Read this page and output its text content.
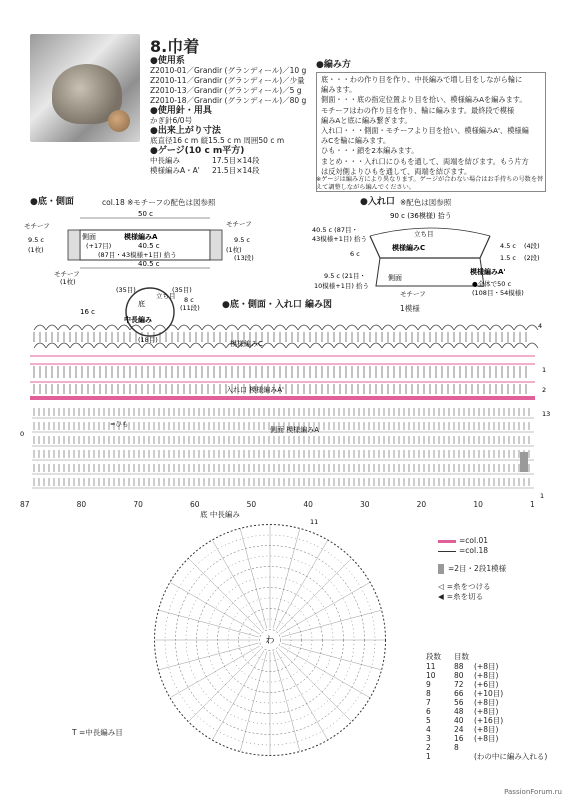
8.巾着
●使用系
Z2010-01／Grandir (グランディール)／10 g
Z2010-11／Grandir (グランディール)／少量
Z2010-13／Grandir (グランディール)／5 g
Z2010-18／Grandir (グランディール)／80 g
●使用針・用具
かぎ針6/0号
●出来上がり寸法
底直径16 c m 縦15.5 c m 周囲50 c m
●ゲージ(10 c m平方)
中長編み	17.5目×14段
模様編みA・A' 21.5目×14段
●編み方

底・・・わの作り目を作り、中長編みで増し目をしながら輪に

編みます。

側面・・・底の指定位置より目を拾い、模様編みAを編みます。

モチーフはわの作り目を作り、輪に編みます。最終段で模様

編みAと底に編み繋ぎます。

入れ口・・・側面・モチーフより目を拾い、模様編みA'、模様編

みCを輪に編みます。

ひも・・・鎖を2本編みます。

まとめ・・・入れ口にひもを通して、両端を結びます。もう片方

は反対側よりひもを通して、両端を結びます。

※ゲージは編み方により異なります。ゲージが合わない場合はお手持ちの号数を替えて調整しながら編んでください。
●底・側面	col.18 ※モチーフの配色は図参照
50 c
モチーフ
(1枚)
モチーフ
(1枚)
側面	模様編みA
(+17目)	40.5 c
(87目・43模様+1目) 拾う
9.5 c	9.5 c
(13段)
40.5 c
モチーフ
(1枚)
底
中長編み
16 c
立ち目
(35目)	(35目)
(18目)
8 c
(11段)
●入れ口 ※配色は図参照
90 c (36模様) 拾う
40.5 c (87目・
43模様+1目) 拾う
立ち目
模様編みC
側面
4.5 c (4段)
1.5 c (2段)
模様編みA'
6 c
9.5 c (21目・
10模様+1目) 拾う
モチーフ
●全体で50 c
(108目・54模様)
●底・側面・入れ口 編み図	1模様
模様編みC
入れ口 模様編みA'
側面 模様編みA
=ひも
4
1
2
13
1
0
87	80	70	60	50	40	30	20	10	1
底 中長編み
わ
11
=col.01
=col.18
=2目・2段1模様
◁ =糸をつける
◀ =糸を切る
T =中長編み目
段数 目数
11 88 (+8目)
10 80 (+8目)
9	72 (+6目)
8	66 (+10目)
7	56 (+8目)
6	48 (+8目)
5	40 (+16目)
4	24 (+8目)
3	16 (+8目)
2	8
1	(わの中に編み入れる)
PassionForum.ru
